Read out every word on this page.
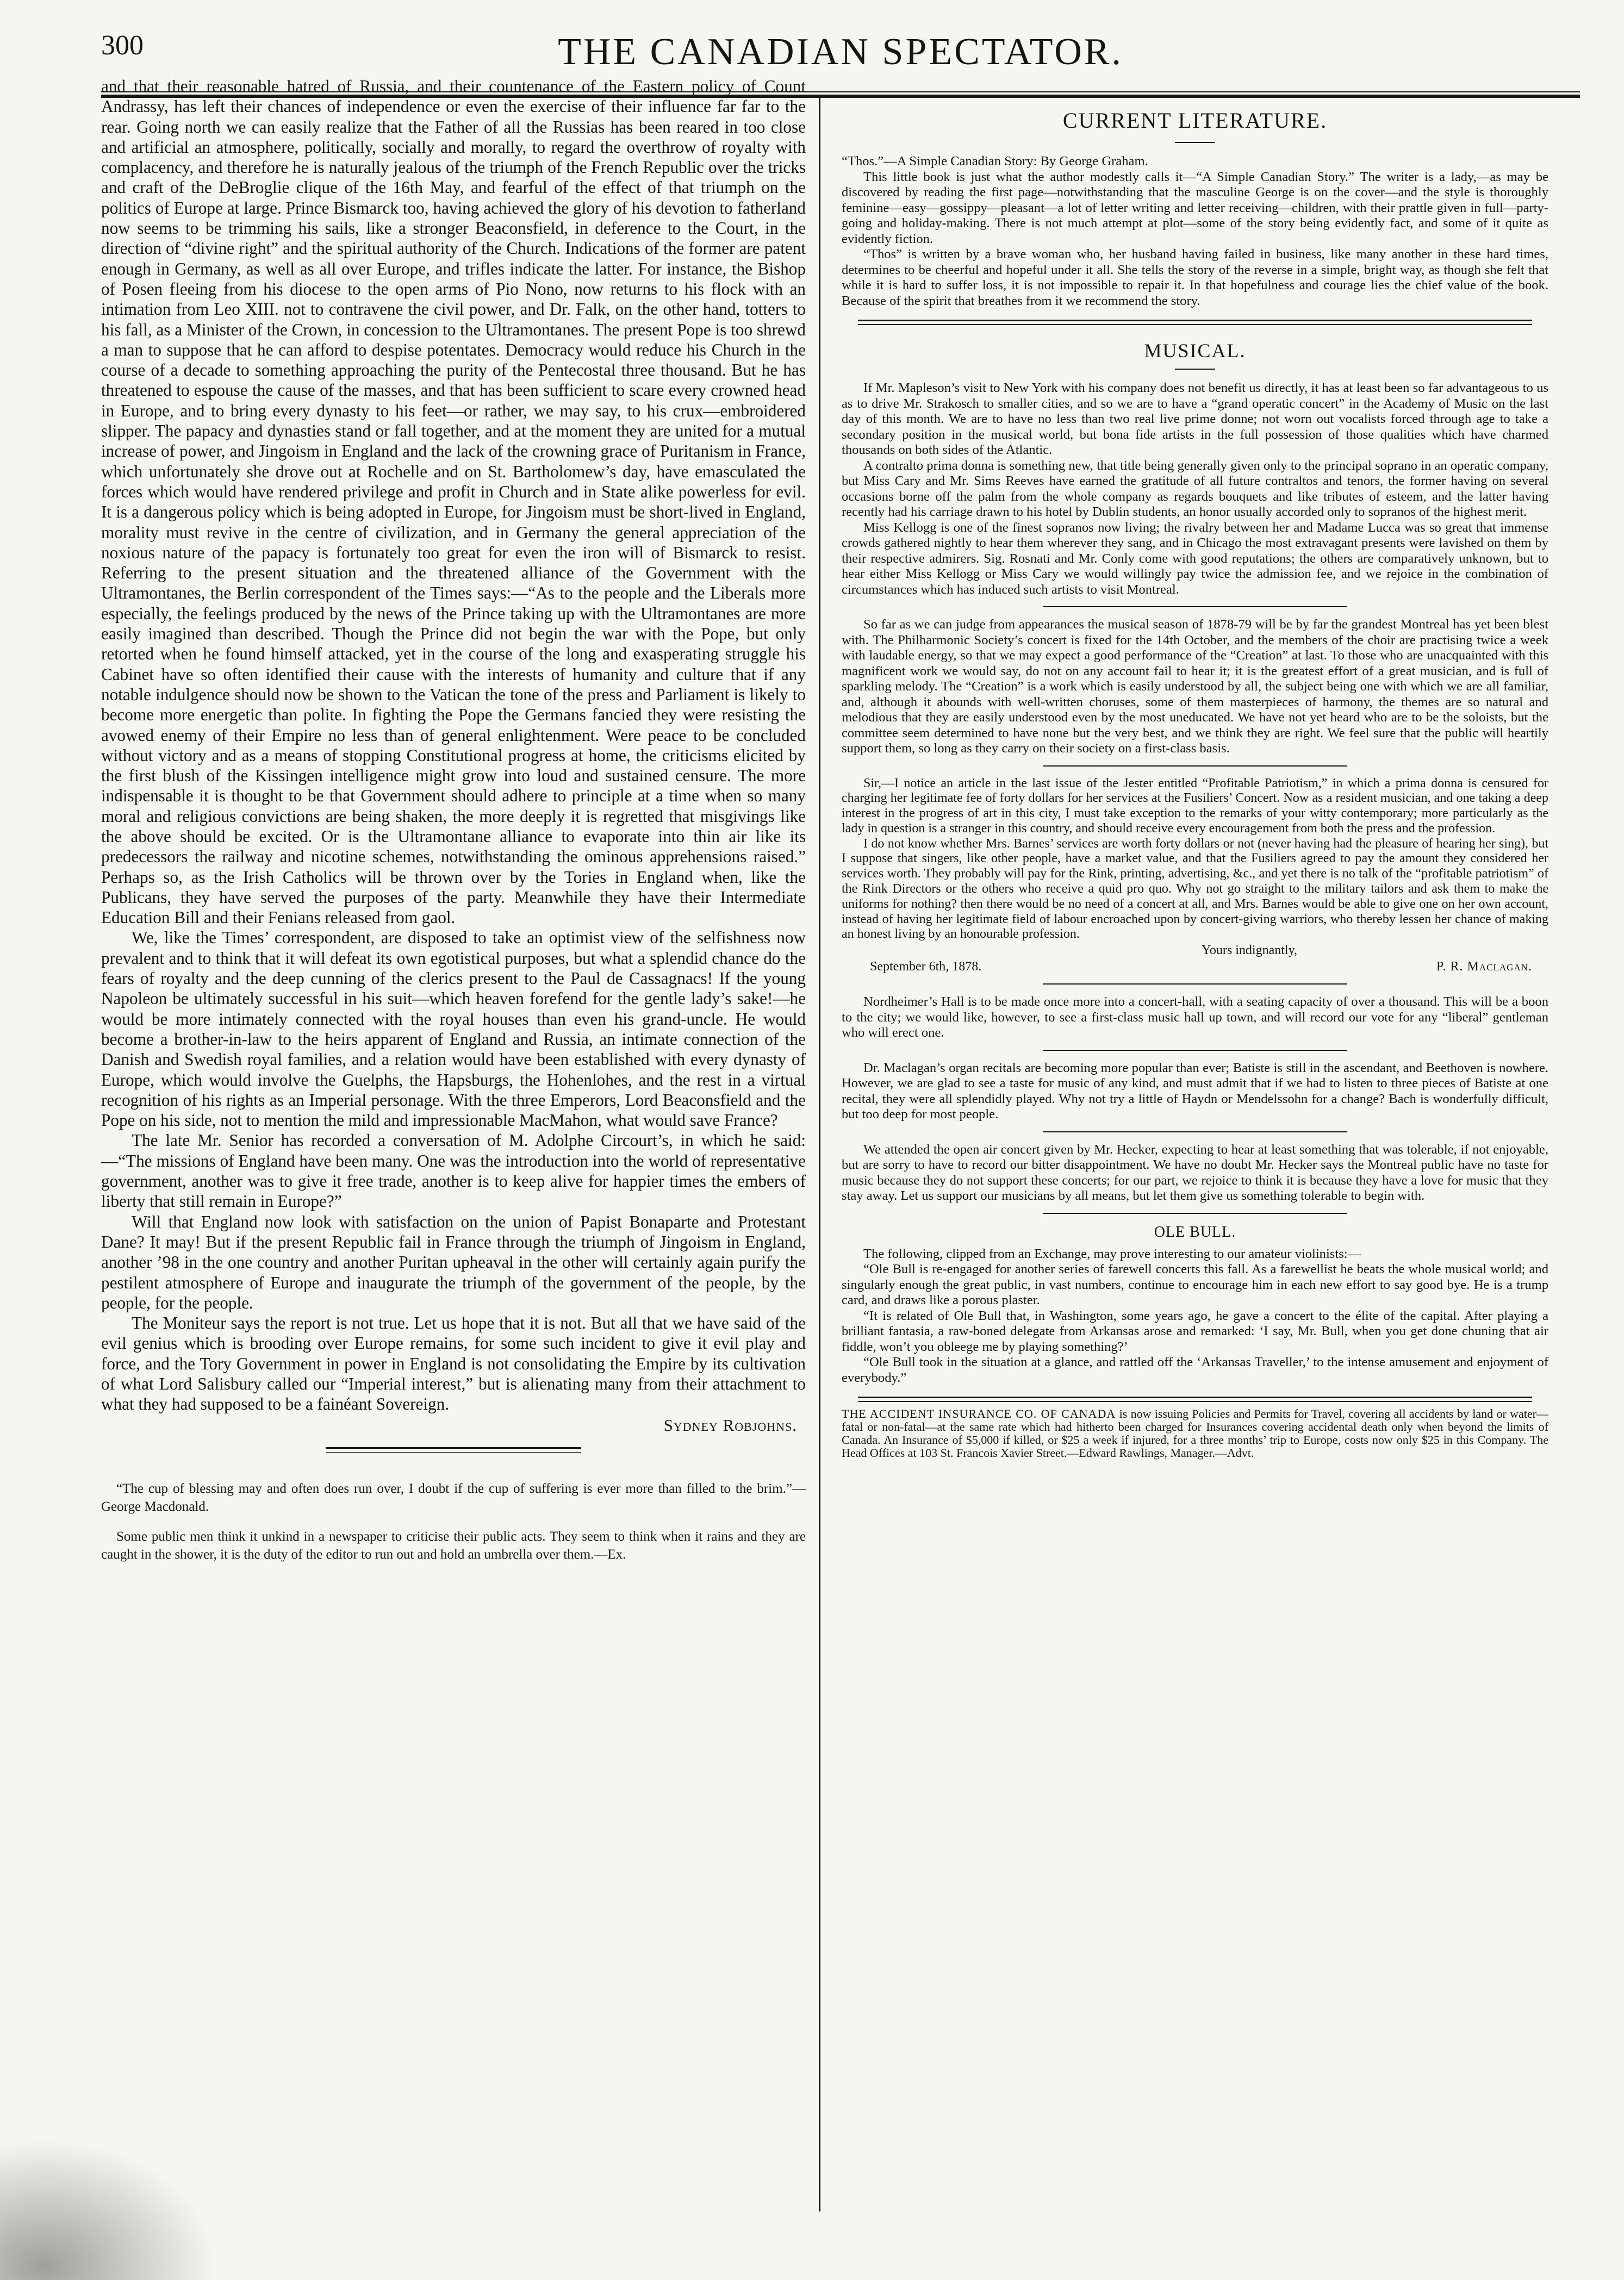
300	THE CANADIAN SPECTATOR.

and that their reasonable hatred of Russia, and their countenance of the Eastern policy of Count Andrassy, has left their chances of independence or even the exercise of their influence far far to the rear. Going north we can easily realize that the Father of all the Russias has been reared in too close and artificial an atmosphere, politically, socially and morally, to regard the overthrow of royalty with complacency, and therefore he is naturally jealous of the triumph of the French Republic over the tricks and craft of the DeBroglie clique of the 16th May, and fearful of the effect of that triumph on the politics of Europe at large. Prince Bismarck too, having achieved the glory of his devotion to fatherland now seems to be trimming his sails, like a stronger Beaconsfield, in deference to the Court, in the direction of “divine right” and the spiritual authority of the Church. Indications of the former are patent enough in Germany, as well as all over Europe, and trifles indicate the latter. For instance, the Bishop of Posen fleeing from his diocese to the open arms of Pio Nono, now returns to his flock with an intimation from Leo XIII. not to contravene the civil power, and Dr. Falk, on the other hand, totters to his fall, as a Minister of the Crown, in concession to the Ultramontanes. The present Pope is too shrewd a man to suppose that he can afford to despise potentates. Democracy would reduce his Church in the course of a decade to something approaching the purity of the Pentecostal three thousand. But he has threatened to espouse the cause of the masses, and that has been sufficient to scare every crowned head in Europe, and to bring every dynasty to his feet—or rather, we may say, to his crux—embroidered slipper. The papacy and dynasties stand or fall together, and at the moment they are united for a mutual increase of power, and Jingoism in England and the lack of the crowning grace of Puritanism in France, which unfortunately she drove out at Rochelle and on St. Bartholomew’s day, have emasculated the forces which would have rendered privilege and profit in Church and in State alike powerless for evil. It is a dangerous policy which is being adopted in Europe, for Jingoism must be short-lived in England, morality must revive in the centre of civilization, and in Germany the general appreciation of the noxious nature of the papacy is fortunately too great for even the iron will of Bismarck to resist. Referring to the present situation and the threatened alliance of the Government with the Ultramontanes, the Berlin correspondent of the Times says:—“As to the people and the Liberals more especially, the feelings produced by the news of the Prince taking up with the Ultramontanes are more easily imagined than described. Though the Prince did not begin the war with the Pope, but only retorted when he found himself attacked, yet in the course of the long and exasperating struggle his Cabinet have so often identified their cause with the interests of humanity and culture that if any notable indulgence should now be shown to the Vatican the tone of the press and Parliament is likely to become more energetic than polite. In fighting the Pope the Germans fancied they were resisting the avowed enemy of their Empire no less than of general enlightenment. Were peace to be concluded without victory and as a means of stopping Constitutional progress at home, the criticisms elicited by the first blush of the Kissingen intelligence might grow into loud and sustained censure. The more indispensable it is thought to be that Government should adhere to principle at a time when so many moral and religious convictions are being shaken, the more deeply it is regretted that misgivings like the above should be excited. Or is the Ultramontane alliance to evaporate into thin air like its predecessors the railway and nicotine schemes, notwithstanding the ominous apprehensions raised.” Perhaps so, as the Irish Catholics will be thrown over by the Tories in England when, like the Publicans, they have served the purposes of the party. Meanwhile they have their Intermediate Education Bill and their Fenians released from gaol.

We, like the Times’ correspondent, are disposed to take an optimist view of the selfishness now prevalent and to think that it will defeat its own egotistical purposes, but what a splendid chance do the fears of royalty and the deep cunning of the clerics present to the Paul de Cassagnacs! If the young Napoleon be ultimately successful in his suit—which heaven forefend for the gentle lady’s sake!—he would be more intimately connected with the royal houses than even his grand-uncle. He would become a brother-in-law to the heirs apparent of England and Russia, an intimate connection of the Danish and Swedish royal families, and a relation would have been established with every dynasty of Europe, which would involve the Guelphs, the Hapsburgs, the Hohenlohes, and the rest in a virtual recognition of his rights as an Imperial personage. With the three Emperors, Lord Beaconsfield and the Pope on his side, not to mention the mild and impressionable MacMahon, what would save France?

The late Mr. Senior has recorded a conversation of M. Adolphe Circourt’s, in which he said:—“The missions of England have been many. One was the introduction into the world of representative government, another was to give it free trade, another is to keep alive for happier times the embers of liberty that still remain in Europe?”

Will that England now look with satisfaction on the union of Papist Bonaparte and Protestant Dane? It may! But if the present Republic fail in France through the triumph of Jingoism in England, another ’98 in the one country and another Puritan upheaval in the other will certainly again purify the pestilent atmosphere of Europe and inaugurate the triumph of the government of the people, by the people, for the people.

The Moniteur says the report is not true. Let us hope that it is not. But all that we have said of the evil genius which is brooding over Europe remains, for some such incident to give it evil play and force, and the Tory Government in power in England is not consolidating the Empire by its cultivation of what Lord Salisbury called our “Imperial interest,” but is alienating many from their attachment to what they had supposed to be a fainéant Sovereign.

Sydney Robjohns.

“The cup of blessing may and often does run over, I doubt if the cup of suffering is ever more than filled to the brim.”—George Macdonald.

Some public men think it unkind in a newspaper to criticise their public acts. They seem to think when it rains and they are caught in the shower, it is the duty of the editor to run out and hold an umbrella over them.—Ex.

CURRENT LITERATURE.

“Thos.”—A Simple Canadian Story: By George Graham.

This little book is just what the author modestly calls it—“A Simple Canadian Story.” The writer is a lady,—as may be discovered by reading the first page—notwithstanding that the masculine George is on the cover—and the style is thoroughly feminine—easy—gossippy—pleasant—a lot of letter writing and letter receiving—children, with their prattle given in full—party-going and holiday-making. There is not much attempt at plot—some of the story being evidently fact, and some of it quite as evidently fiction.

“Thos” is written by a brave woman who, her husband having failed in business, like many another in these hard times, determines to be cheerful and hopeful under it all. She tells the story of the reverse in a simple, bright way, as though she felt that while it is hard to suffer loss, it is not impossible to repair it. In that hopefulness and courage lies the chief value of the book. Because of the spirit that breathes from it we recommend the story.

MUSICAL.

If Mr. Mapleson’s visit to New York with his company does not benefit us directly, it has at least been so far advantageous to us as to drive Mr. Strakosch to smaller cities, and so we are to have a “grand operatic concert” in the Academy of Music on the last day of this month. We are to have no less than two real live prime donne; not worn out vocalists forced through age to take a secondary position in the musical world, but bona fide artists in the full possession of those qualities which have charmed thousands on both sides of the Atlantic.

A contralto prima donna is something new, that title being generally given only to the principal soprano in an operatic company, but Miss Cary and Mr. Sims Reeves have earned the gratitude of all future contraltos and tenors, the former having on several occasions borne off the palm from the whole company as regards bouquets and like tributes of esteem, and the latter having recently had his carriage drawn to his hotel by Dublin students, an honor usually accorded only to sopranos of the highest merit.

Miss Kellogg is one of the finest sopranos now living; the rivalry between her and Madame Lucca was so great that immense crowds gathered nightly to hear them wherever they sang, and in Chicago the most extravagant presents were lavished on them by their respective admirers. Sig. Rosnati and Mr. Conly come with good reputations; the others are comparatively unknown, but to hear either Miss Kellogg or Miss Cary we would willingly pay twice the admission fee, and we rejoice in the combination of circumstances which has induced such artists to visit Montreal.

So far as we can judge from appearances the musical season of 1878-79 will be by far the grandest Montreal has yet been blest with. The Philharmonic Society’s concert is fixed for the 14th October, and the members of the choir are practising twice a week with laudable energy, so that we may expect a good performance of the “Creation” at last. To those who are unacquainted with this magnificent work we would say, do not on any account fail to hear it; it is the greatest effort of a great musician, and is full of sparkling melody. The “Creation” is a work which is easily understood by all, the subject being one with which we are all familiar, and, although it abounds with well-written choruses, some of them masterpieces of harmony, the themes are so natural and melodious that they are easily understood even by the most uneducated. We have not yet heard who are to be the soloists, but the committee seem determined to have none but the very best, and we think they are right. We feel sure that the public will heartily support them, so long as they carry on their society on a first-class basis.

Sir,—I notice an article in the last issue of the Jester entitled “Profitable Patriotism,” in which a prima donna is censured for charging her legitimate fee of forty dollars for her services at the Fusiliers’ Concert. Now as a resident musician, and one taking a deep interest in the progress of art in this city, I must take exception to the remarks of your witty contemporary; more particularly as the lady in question is a stranger in this country, and should receive every encouragement from both the press and the profession.

I do not know whether Mrs. Barnes’ services are worth forty dollars or not (never having had the pleasure of hearing her sing), but I suppose that singers, like other people, have a market value, and that the Fusiliers agreed to pay the amount they considered her services worth. They probably will pay for the Rink, printing, advertising, &c., and yet there is no talk of the “profitable patriotism” of the Rink Directors or the others who receive a quid pro quo. Why not go straight to the military tailors and ask them to make the uniforms for nothing? then there would be no need of a concert at all, and Mrs. Barnes would be able to give one on her own account, instead of having her legitimate field of labour encroached upon by concert-giving warriors, who thereby lessen her chance of making an honest living by an honourable profession.

Yours indignantly,
September 6th, 1878.	P. R. Maclagan.

Nordheimer’s Hall is to be made once more into a concert-hall, with a seating capacity of over a thousand. This will be a boon to the city; we would like, however, to see a first-class music hall up town, and will record our vote for any “liberal” gentleman who will erect one.

Dr. Maclagan’s organ recitals are becoming more popular than ever; Batiste is still in the ascendant, and Beethoven is nowhere. However, we are glad to see a taste for music of any kind, and must admit that if we had to listen to three pieces of Batiste at one recital, they were all splendidly played. Why not try a little of Haydn or Mendelssohn for a change? Bach is wonderfully difficult, but too deep for most people.

We attended the open air concert given by Mr. Hecker, expecting to hear at least something that was tolerable, if not enjoyable, but are sorry to have to record our bitter disappointment. We have no doubt Mr. Hecker says the Montreal public have no taste for music because they do not support these concerts; for our part, we rejoice to think it is because they have a love for music that they stay away. Let us support our musicians by all means, but let them give us something tolerable to begin with.

OLE BULL.

The following, clipped from an Exchange, may prove interesting to our amateur violinists:—

“Ole Bull is re-engaged for another series of farewell concerts this fall. As a farewellist he beats the whole musical world; and singularly enough the great public, in vast numbers, continue to encourage him in each new effort to say good bye. He is a trump card, and draws like a porous plaster.

“It is related of Ole Bull that, in Washington, some years ago, he gave a concert to the élite of the capital. After playing a brilliant fantasia, a raw-boned delegate from Arkansas arose and remarked: ‘I say, Mr. Bull, when you get done chuning that air fiddle, won’t you obleege me by playing something?’

“Ole Bull took in the situation at a glance, and rattled off the ‘Arkansas Traveller,’ to the intense amusement and enjoyment of everybody.”

THE ACCIDENT INSURANCE CO. OF CANADA is now issuing Policies and Permits for Travel, covering all accidents by land or water—fatal or non-fatal—at the same rate which had hitherto been charged for Insurances covering accidental death only when beyond the limits of Canada. An Insurance of $5,000 if killed, or $25 a week if injured, for a three months’ trip to Europe, costs now only $25 in this Company. The Head Offices at 103 St. Francois Xavier Street.—Edward Rawlings, Manager.—Advt.
